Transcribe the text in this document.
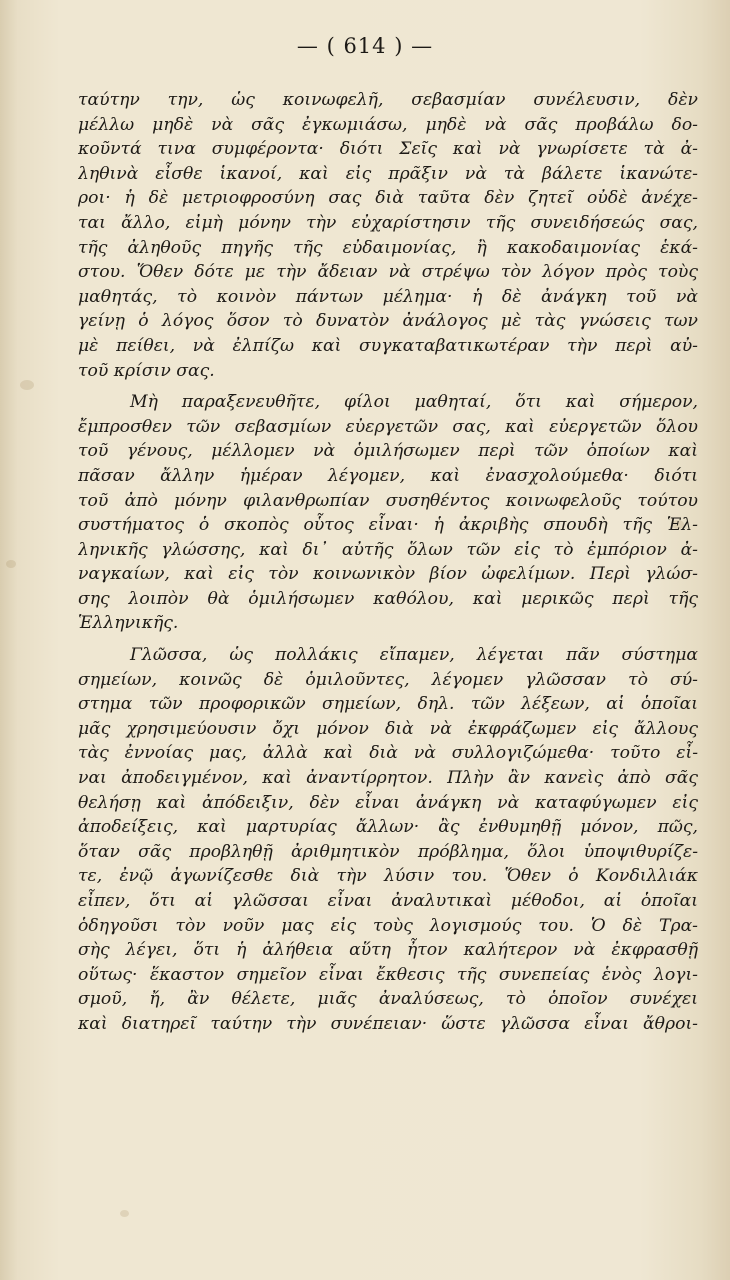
— ( 614 ) —
ταύτην την, ὡς κοινωφελῆ, σεβασμίαν συνέλευσιν, δὲν
μέλλω μηδὲ νὰ σᾶς ἐγκωμιάσω, μηδὲ νὰ σᾶς προβάλω δο-
κοῦντά τινα συμφέροντα· διότι Σεῖς καὶ νὰ γνωρίσετε τὰ ἀ-
ληθινὰ εἶσθε ἱκανοί, καὶ εἰς πρᾶξιν νὰ τὰ βάλετε ἱκανώτε-
ροι· ἡ δὲ μετριοφροσύνη σας διὰ ταῦτα δὲν ζητεῖ οὐδὲ ἀνέχε-
ται ἄλλο, εἰμὴ μόνην τὴν εὐχαρίστησιν τῆς συνειδήσεώς σας,
τῆς ἀληθοῦς πηγῆς τῆς εὐδαιμονίας, ἢ κακοδαιμονίας ἑκά-
στου. Ὅθεν δότε με τὴν ἄδειαν νὰ στρέψω τὸν λόγον πρὸς τοὺς
μαθητάς, τὸ κοινὸν πάντων μέλημα· ἡ δὲ ἀνάγκη τοῦ νὰ
γείνῃ ὁ λόγος ὅσον τὸ δυνατὸν ἀνάλογος μὲ τὰς γνώσεις των
μὲ πείθει, νὰ ἐλπίζω καὶ συγκαταβατικωτέραν τὴν περὶ αὐ-
τοῦ κρίσιν σας.
Μὴ παραξενευθῆτε, φίλοι μαθηταί, ὅτι καὶ σήμερον,
ἔμπροσθεν τῶν σεβασμίων εὐεργετῶν σας, καὶ εὐεργετῶν ὅλου
τοῦ γένους, μέλλομεν νὰ ὁμιλήσωμεν περὶ τῶν ὁποίων καὶ
πᾶσαν ἄλλην ἡμέραν λέγομεν, καὶ ἐνασχολούμεθα· διότι
τοῦ ἀπὸ μόνην φιλανθρωπίαν συσηθέντος κοινωφελοῦς τούτου
συστήματος ὁ σκοπὸς οὗτος εἶναι· ἡ ἀκριβὴς σπουδὴ τῆς Ἑλ-
ληνικῆς γλώσσης, καὶ δι᾽ αὐτῆς ὅλων τῶν εἰς τὸ ἐμπόριον ἀ-
ναγκαίων, καὶ εἰς τὸν κοινωνικὸν βίον ὠφελίμων. Περὶ γλώσ-
σης λοιπὸν θὰ ὁμιλήσωμεν καθόλου, καὶ μερικῶς περὶ τῆς
Ἑλληνικῆς.
Γλῶσσα, ὡς πολλάκις εἴπαμεν, λέγεται πᾶν σύστημα
σημείων, κοινῶς δὲ ὁμιλοῦντες, λέγομεν γλῶσσαν τὸ σύ-
στημα τῶν προφορικῶν σημείων, δηλ. τῶν λέξεων, αἱ ὁποῖαι
μᾶς χρησιμεύουσιν ὄχι μόνον διὰ νὰ ἐκφράζωμεν εἰς ἄλλους
τὰς ἐννοίας μας, ἀλλὰ καὶ διὰ νὰ συλλογιζώμεθα· τοῦτο εἶ-
ναι ἀποδειγμένον, καὶ ἀναντίρρητον. Πλὴν ἂν κανεὶς ἀπὸ σᾶς
θελήσῃ καὶ ἀπόδειξιν, δὲν εἶναι ἀνάγκη νὰ καταφύγωμεν εἰς
ἀποδείξεις, καὶ μαρτυρίας ἄλλων· ἂς ἐνθυμηθῇ μόνον, πῶς,
ὅταν σᾶς προβληθῇ ἀριθμητικὸν πρόβλημα, ὅλοι ὑποψιθυρίζε-
τε, ἐνῷ ἀγωνίζεσθε διὰ τὴν λύσιν του. Ὅθεν ὁ Κονδιλλιάκ
εἶπεν, ὅτι αἱ γλῶσσαι εἶναι ἀναλυτικαὶ μέθοδοι, αἱ ὁποῖαι
ὁδηγοῦσι τὸν νοῦν μας εἰς τοὺς λογισμούς του. Ὁ δὲ Τρα-
σὴς λέγει, ὅτι ἡ ἀλήθεια αὕτη ἦτον καλήτερον νὰ ἐκφρασθῇ
οὕτως· ἕκαστον σημεῖον εἶναι ἔκθεσις τῆς συνεπείας ἑνὸς λογι-
σμοῦ, ἤ, ἂν θέλετε, μιᾶς ἀναλύσεως, τὸ ὁποῖον συνέχει
καὶ διατηρεῖ ταύτην τὴν συνέπειαν· ὥστε γλῶσσα εἶναι ἄθροι-
